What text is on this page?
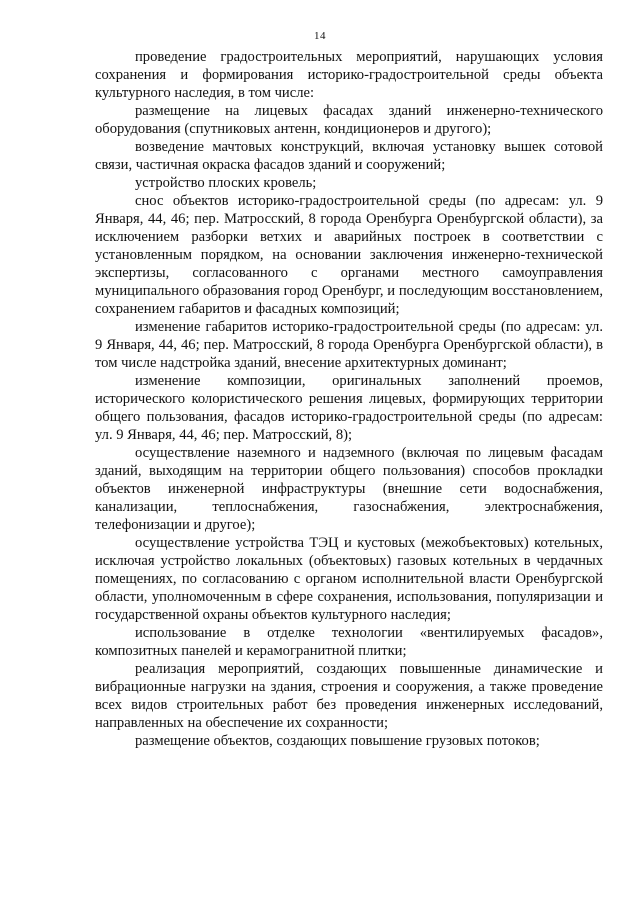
14

проведение градостроительных мероприятий, нарушающих условия сохранения и формирования историко-градостроительной среды объекта культурного наследия, в том числе:

размещение на лицевых фасадах зданий инженерно-технического оборудования (спутниковых антенн, кондиционеров и другого);

возведение мачтовых конструкций, включая установку вышек сотовой связи, частичная окраска фасадов зданий и сооружений;

устройство плоских кровель;

снос объектов историко-градостроительной среды (по адресам: ул. 9 Января, 44, 46; пер. Матросский, 8 города Оренбурга Оренбургской области), за исключением разборки ветхих и аварийных построек в соответствии с установленным порядком, на основании заключения инженерно-технической экспертизы, согласованного с органами местного самоуправления муниципального образования город Оренбург, и последующим восстановлением, сохранением габаритов и фасадных композиций;

изменение габаритов историко-градостроительной среды (по адресам: ул. 9 Января, 44, 46; пер. Матросский, 8 города Оренбурга Оренбургской области), в том числе надстройка зданий, внесение архитектурных доминант;

изменение композиции, оригинальных заполнений проемов, исторического колористического решения лицевых, формирующих территории общего пользования, фасадов историко-градостроительной среды (по адресам: ул. 9 Января, 44, 46; пер. Матросский, 8);

осуществление наземного и надземного (включая по лицевым фасадам зданий, выходящим на территории общего пользования) способов прокладки объектов инженерной инфраструктуры (внешние сети водоснабжения, канализации, теплоснабжения, газоснабжения, электроснабжения, телефонизации и другое);

осуществление устройства ТЭЦ и кустовых (межобъектовых) котельных, исключая устройство локальных (объектовых) газовых котельных в чердачных помещениях, по согласованию с органом исполнительной власти Оренбургской области, уполномоченным в сфере сохранения, использования, популяризации и государственной охраны объектов культурного наследия;

использование в отделке технологии «вентилируемых фасадов», композитных панелей и керамогранитной плитки;

реализация мероприятий, создающих повышенные динамические и вибрационные нагрузки на здания, строения и сооружения, а также проведение всех видов строительных работ без проведения инженерных исследований, направленных на обеспечение их сохранности;

размещение объектов, создающих повышение грузовых потоков;
